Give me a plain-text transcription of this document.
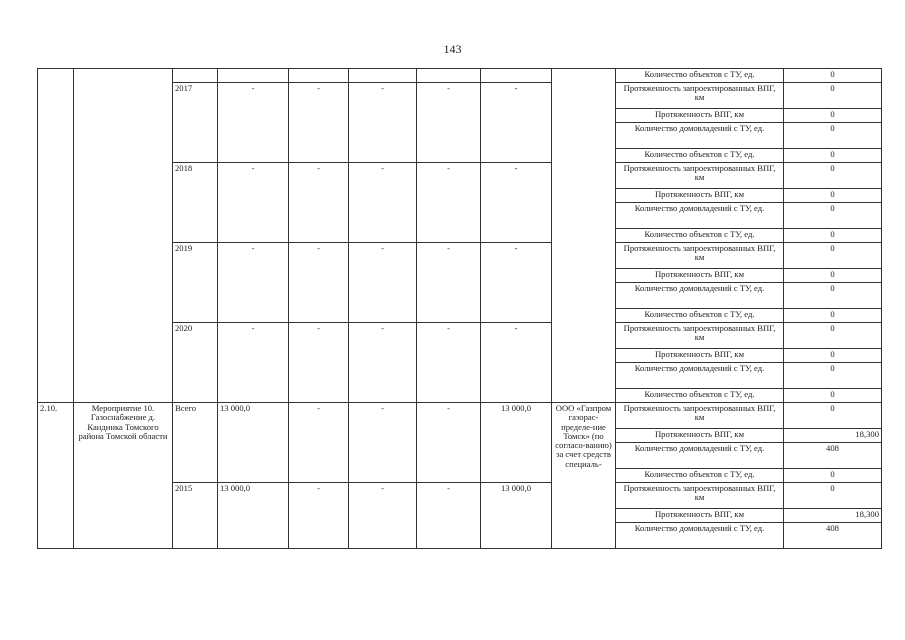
143
									Количество объектов с ТУ, ед.	0
		2017	-	-	-	-	-		Протяженность запроектированных ВПГ, км	0
									Протяженность ВПГ, км	0
									Количество домовладений с ТУ, ед.	0
									Количество объектов с ТУ, ед.	0
		2018	-	-	-	-	-		Протяженность запроектированных ВПГ, км	0
									Протяженность ВПГ, км	0
									Количество домовладений с ТУ, ед.	0
									Количество объектов с ТУ, ед.	0
		2019	-	-	-	-	-		Протяженность запроектированных ВПГ, км	0
									Протяженность ВПГ, км	0
									Количество домовладений с ТУ, ед.	0
									Количество объектов с ТУ, ед.	0
		2020	-	-	-	-	-		Протяженность запроектированных ВПГ, км	0
									Протяженность ВПГ, км	0
									Количество домовладений с ТУ, ед.	0
									Количество объектов с ТУ, ед.	0
2.10.	Мероприятие 10. Газоснабжение д. Кандинка Томского района Томской области	Всего	13 000,0	-	-	-	13 000,0	ООО «Газпром газорас-пределе-ние Томск» (по согласо-ванию) за счет средств специаль-	Протяженность запроектированных ВПГ, км	0
									Протяженность ВПГ, км	18,300
									Количество домовладений с ТУ, ед.	408
									Количество объектов с ТУ, ед.	0
		2015	13 000,0	-	-	-	13 000,0		Протяженность запроектированных ВПГ, км	0
									Протяженность ВПГ, км	18,300
									Количество домовладений с ТУ, ед.	408
